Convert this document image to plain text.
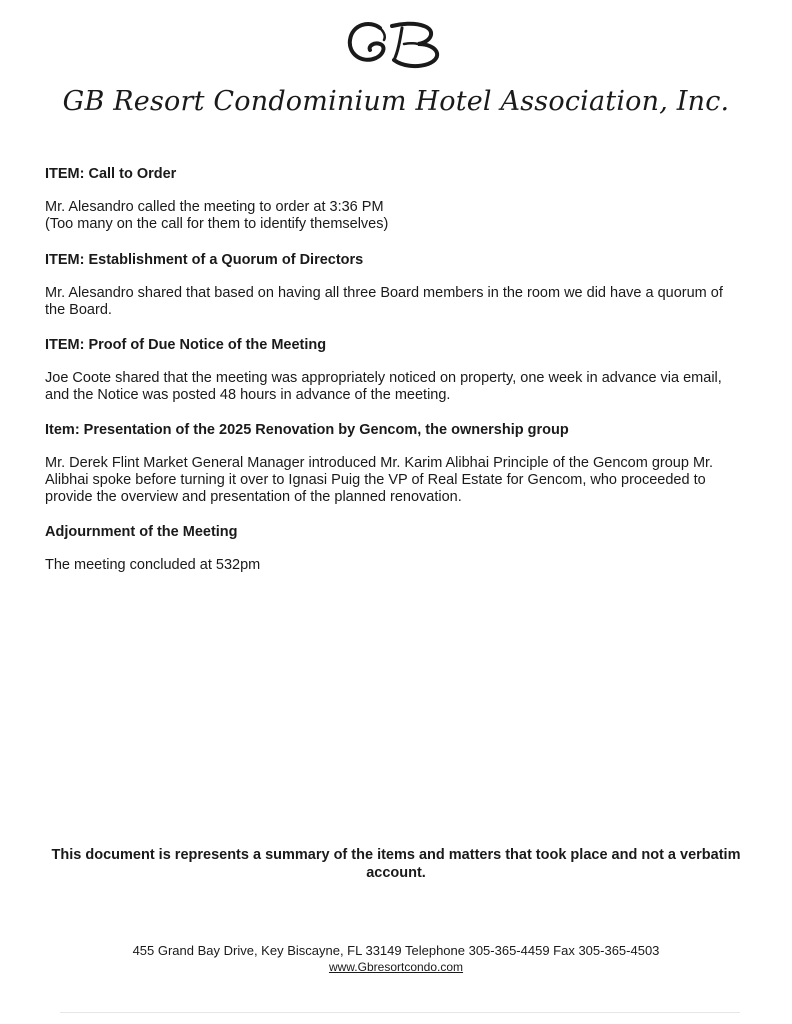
GB Resort Condominium Hotel Association, Inc.
ITEM: Call to Order
Mr. Alesandro called the meeting to order at 3:36 PM
(Too many on the call for them to identify themselves)
ITEM: Establishment of a Quorum of Directors
Mr. Alesandro shared that based on having all three Board members in the room we did have a quorum of the Board.
ITEM: Proof of Due Notice of the Meeting
Joe Coote shared that the meeting was appropriately noticed on property, one week in advance via email, and the Notice was posted 48 hours in advance of the meeting.
Item: Presentation of the 2025 Renovation by Gencom, the ownership group
Mr. Derek Flint Market General Manager introduced Mr. Karim Alibhai Principle of the Gencom group Mr. Alibhai spoke before turning it over to Ignasi Puig the VP of Real Estate for Gencom, who proceeded to provide the overview and presentation of the planned renovation.
Adjournment of the Meeting
The meeting concluded at 532pm
This document is represents a summary of the items and matters that took place and not a verbatim account.
455 Grand Bay Drive, Key Biscayne, FL 33149 Telephone 305-365-4459 Fax 305-365-4503
www.Gbresortcondo.com
